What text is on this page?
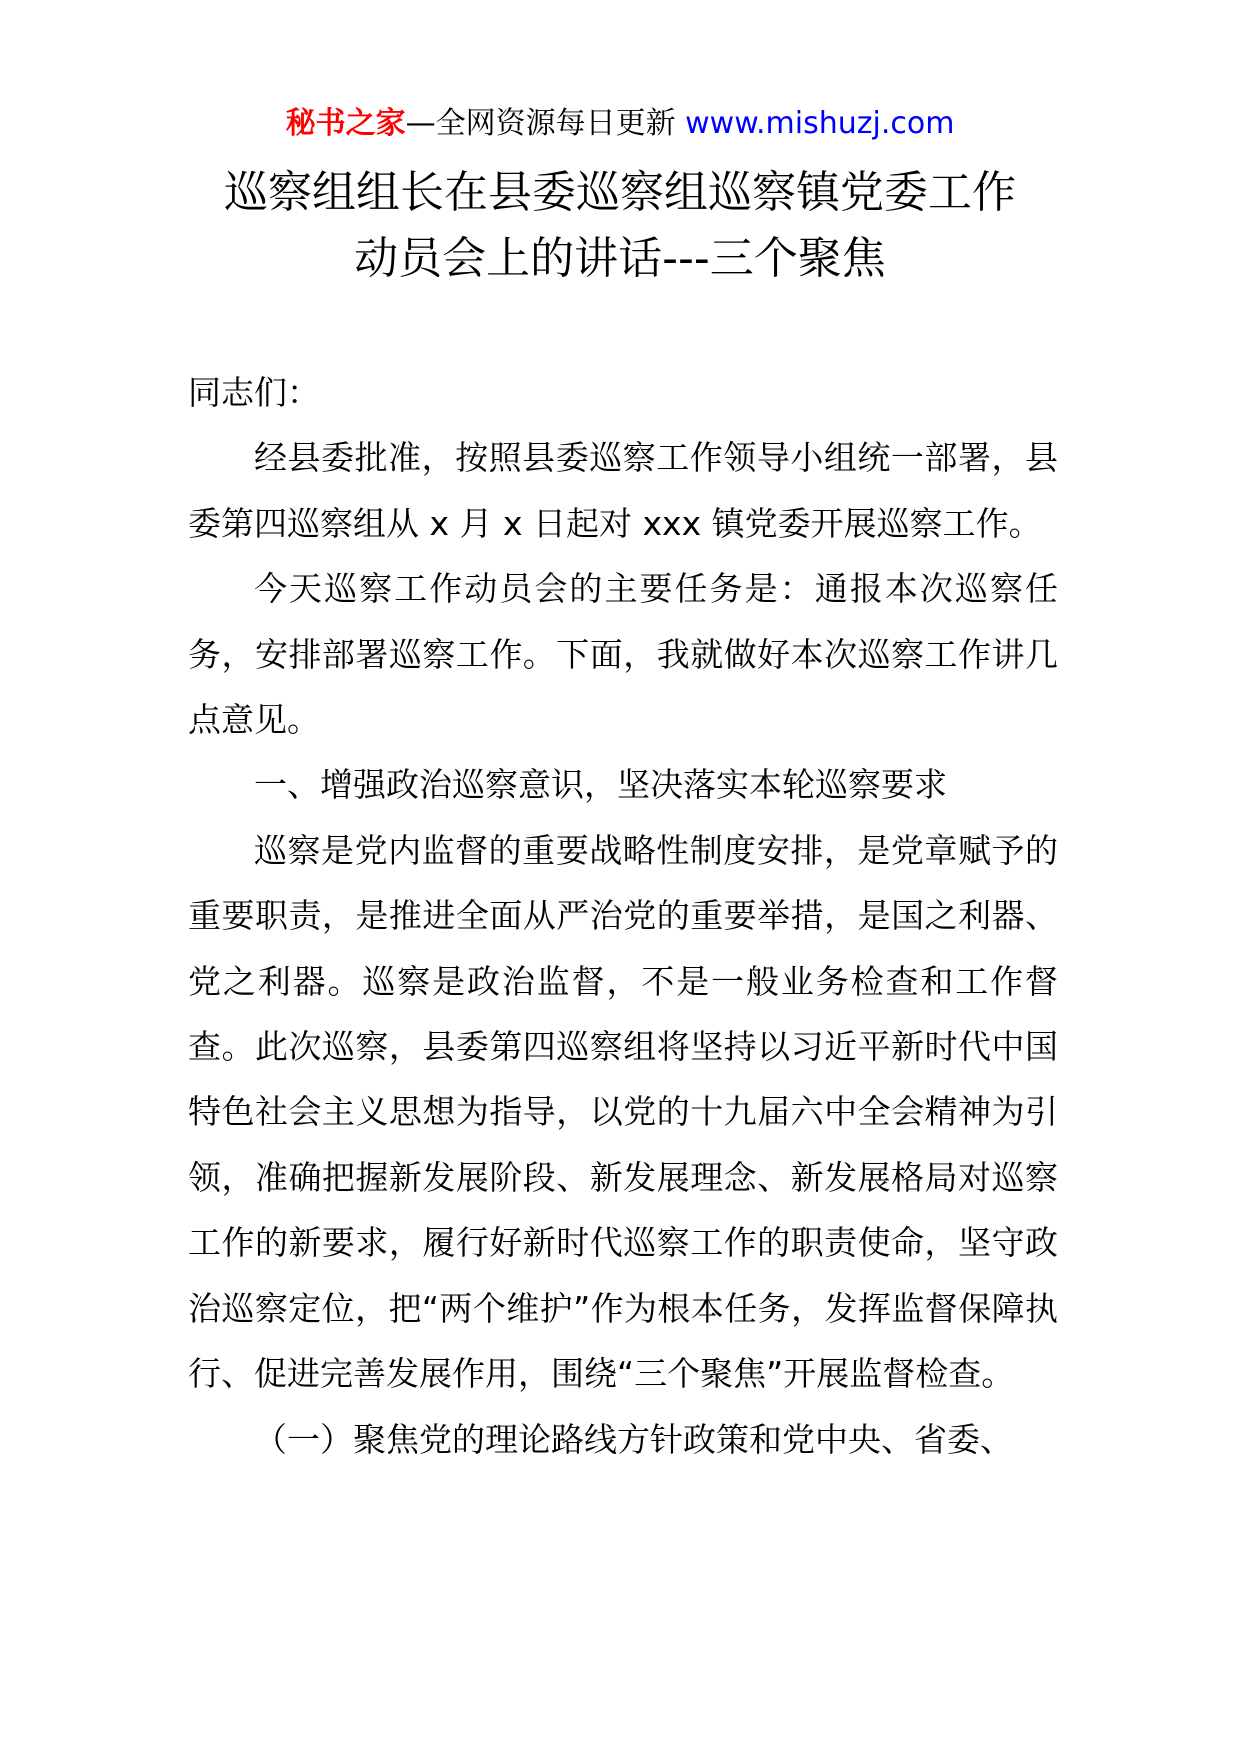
秘书之家—全网资源每日更新 www.mishuzj.com
巡察组组长在县委巡察组巡察镇党委工作
动员会上的讲话---三个聚焦

同志们：

经县委批准，按照县委巡察工作领导小组统一部署，县委第四巡察组从 x 月 x 日起对 xxx 镇党委开展巡察工作。

今天巡察工作动员会的主要任务是：通报本次巡察任务，安排部署巡察工作。下面，我就做好本次巡察工作讲几点意见。

一、增强政治巡察意识，坚决落实本轮巡察要求

巡察是党内监督的重要战略性制度安排，是党章赋予的重要职责，是推进全面从严治党的重要举措，是国之利器、党之利器。巡察是政治监督，不是一般业务检查和工作督查。此次巡察，县委第四巡察组将坚持以习近平新时代中国特色社会主义思想为指导，以党的十九届六中全会精神为引领，准确把握新发展阶段、新发展理念、新发展格局对巡察工作的新要求，履行好新时代巡察工作的职责使命，坚守政治巡察定位，把“两个维护”作为根本任务，发挥监督保障执行、促进完善发展作用，围绕“三个聚焦”开展监督检查。

（一）聚焦党的理论路线方针政策和党中央、省委、
